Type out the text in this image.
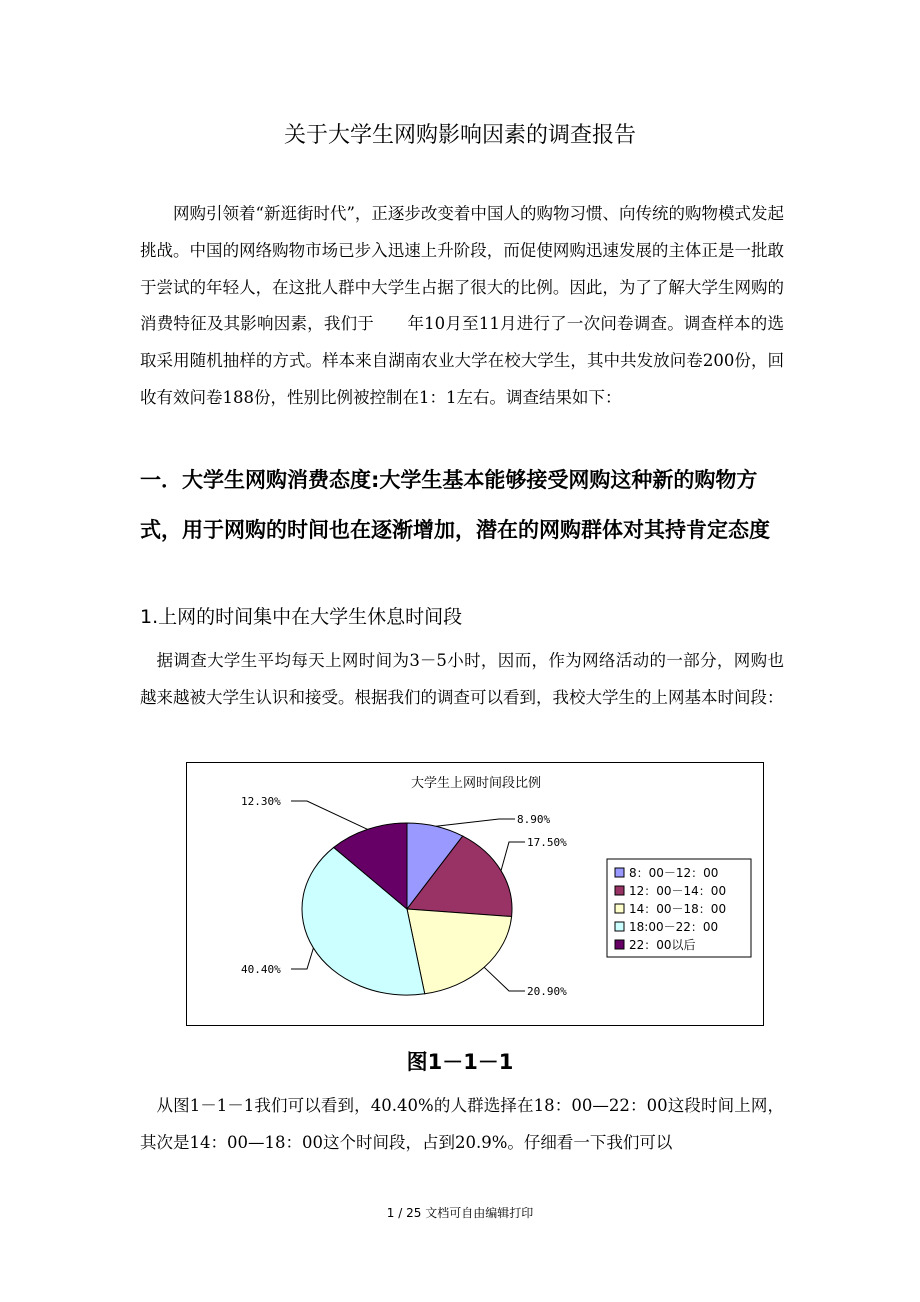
关于大学生网购影响因素的调查报告

网购引领着“新逛街时代”，正逐步改变着中国人的购物习惯、向传统的购物模式发起挑战。中国的网络购物市场已步入迅速上升阶段，而促使网购迅速发展的主体正是一批敢于尝试的年轻人，在这批人群中大学生占据了很大的比例。因此，为了了解大学生网购的消费特征及其影响因素，我们于　　年10月至11月进行了一次问卷调查。调查样本的选取采用随机抽样的方式。样本来自湖南农业大学在校大学生，其中共发放问卷200份，回收有效问卷188份，性别比例被控制在1：1左右。调查结果如下：

一．大学生网购消费态度:大学生基本能够接受网购这种新的购物方式，用于网购的时间也在逐渐增加，潜在的网购群体对其持肯定态度

1.上网的时间集中在大学生休息时间段

据调查大学生平均每天上网时间为3－5小时，因而，作为网络活动的一部分，网购也越来越被大学生认识和接受。根据我们的调查可以看到，我校大学生的上网基本时间段：

大学生上网时间段比例
8.90%
17.50%
20.90%
40.40%
12.30%
8：00－12：00
12：00－14：00
14：00－18：00
18:00－22：00
22：00以后
图1－1－1

从图1－1－1我们可以看到，40.40%的人群选择在18：00—22：00这段时间上网，其次是14：00—18：00这个时间段，占到20.9%。仔细看一下我们可以

1 / 25 文档可自由编辑打印
